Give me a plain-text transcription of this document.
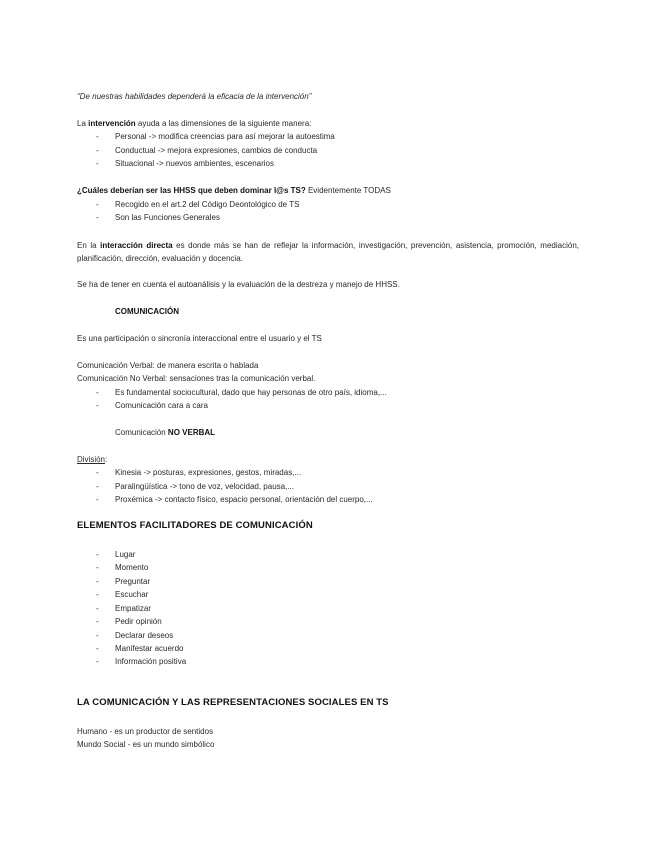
“De nuestras habilidades dependerá la eficacia de la intervención”
La intervención ayuda a las dimensiones de la siguiente manera:
- Personal -> modifica creencias para así mejorar la autoestima
- Conductual -> mejora expresiones, cambios de conducta
- Situacional -> nuevos ambientes, escenarios
¿Cuáles deberían ser las HHSS que deben dominar l@s TS? Evidentemente TODAS
- Recogido en el art.2 del Código Deontológico de TS
- Son las Funciones Generales
En la interacción directa es donde más se han de reflejar la información, investigación, prevención, asistencia, promoción, mediación, planificación, dirección, evaluación y docencia.
Se ha de tener en cuenta el autoanálisis y la evaluación de la destreza y manejo de HHSS.
COMUNICACIÓN
Es una participación o sincronía interaccional entre el usuario y el TS
Comunicación Verbal: de manera escrita o hablada
Comunicación No Verbal: sensaciones tras la comunicación verbal.
- Es fundamental sociocultural, dado que hay personas de otro país, idioma,...
- Comunicación cara a cara
Comunicación NO VERBAL
División:
- Kinesia -> posturas, expresiones, gestos, miradas,...
- Paralingüística -> tono de voz, velocidad, pausa,...
- Proxémica -> contacto físico, espacio personal, orientación del cuerpo,...
ELEMENTOS FACILITADORES DE COMUNICACIÓN
- Lugar
- Momento
- Preguntar
- Escuchar
- Empatizar
- Pedir opinión
- Declarar deseos
- Manifestar acuerdo
- Información positiva
LA COMUNICACIÓN Y LAS REPRESENTACIONES SOCIALES EN TS
Humano - es un productor de sentidos
Mundo Social - es un mundo simbólico
